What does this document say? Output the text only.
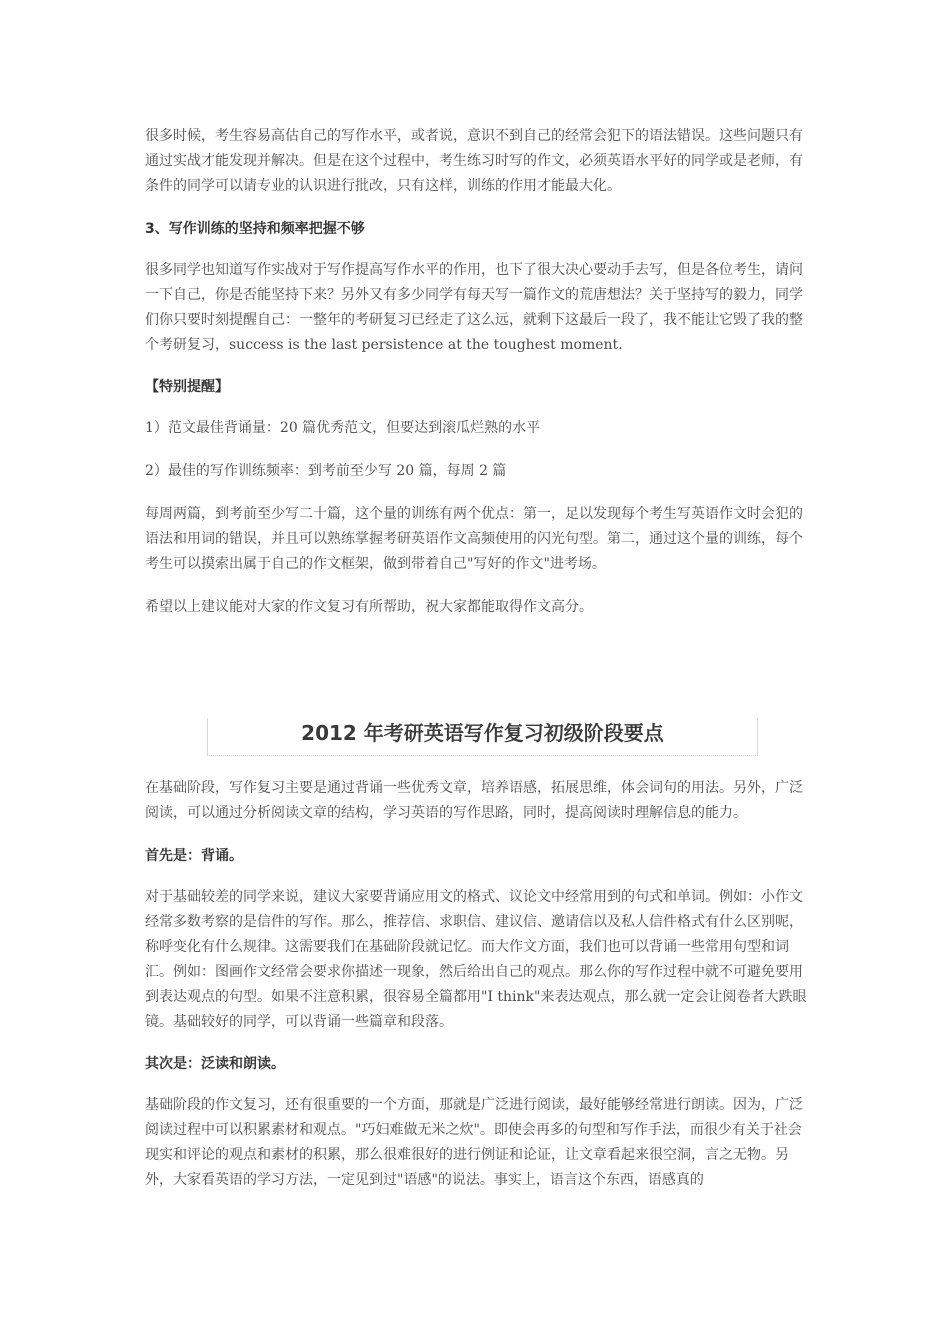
很多时候，考生容易高估自己的写作水平，或者说，意识不到自己的经常会犯下的语法错误。这些问题只有通过实战才能发现并解决。但是在这个过程中，考生练习时写的作文，必须英语水平好的同学或是老师，有条件的同学可以请专业的认识进行批改，只有这样，训练的作用才能最大化。

3、写作训练的坚持和频率把握不够

很多同学也知道写作实战对于写作提高写作水平的作用，也下了很大决心要动手去写，但是各位考生，请问一下自己，你是否能坚持下来？另外又有多少同学有每天写一篇作文的荒唐想法？关于坚持写的毅力，同学们你只要时刻提醒自己：一整年的考研复习已经走了这么远，就剩下这最后一段了，我不能让它毁了我的整个考研复习，success is the last persistence at the toughest moment.

【特别提醒】

1）范文最佳背诵量：20 篇优秀范文，但要达到滚瓜烂熟的水平

2）最佳的写作训练频率：到考前至少写 20 篇，每周 2 篇

每周两篇，到考前至少写二十篇，这个量的训练有两个优点：第一，足以发现每个考生写英语作文时会犯的语法和用词的错误，并且可以熟练掌握考研英语作文高频使用的闪光句型。第二，通过这个量的训练，每个考生可以摸索出属于自己的作文框架，做到带着自己"写好的作文"进考场。

希望以上建议能对大家的作文复习有所帮助，祝大家都能取得作文高分。

2012 年考研英语写作复习初级阶段要点

在基础阶段，写作复习主要是通过背诵一些优秀文章，培养语感，拓展思维，体会词句的用法。另外，广泛阅读，可以通过分析阅读文章的结构，学习英语的写作思路，同时，提高阅读时理解信息的能力。

首先是：背诵。

对于基础较差的同学来说，建议大家要背诵应用文的格式、议论文中经常用到的句式和单词。例如：小作文经常多数考察的是信件的写作。那么，推荐信、求职信、建议信、邀请信以及私人信件格式有什么区别呢，称呼变化有什么规律。这需要我们在基础阶段就记忆。而大作文方面，我们也可以背诵一些常用句型和词汇。例如：图画作文经常会要求你描述一现象，然后给出自己的观点。那么你的写作过程中就不可避免要用到表达观点的句型。如果不注意积累，很容易全篇都用"I think"来表达观点，那么就一定会让阅卷者大跌眼镜。基础较好的同学，可以背诵一些篇章和段落。

其次是：泛读和朗读。

基础阶段的作文复习，还有很重要的一个方面，那就是广泛进行阅读，最好能够经常进行朗读。因为，广泛阅读过程中可以积累素材和观点。"巧妇难做无米之炊"。即使会再多的句型和写作手法，而很少有关于社会现实和评论的观点和素材的积累，那么很难很好的进行例证和论证，让文章看起来很空洞，言之无物。另外，大家看英语的学习方法，一定见到过"语感"的说法。事实上，语言这个东西，语感真的
